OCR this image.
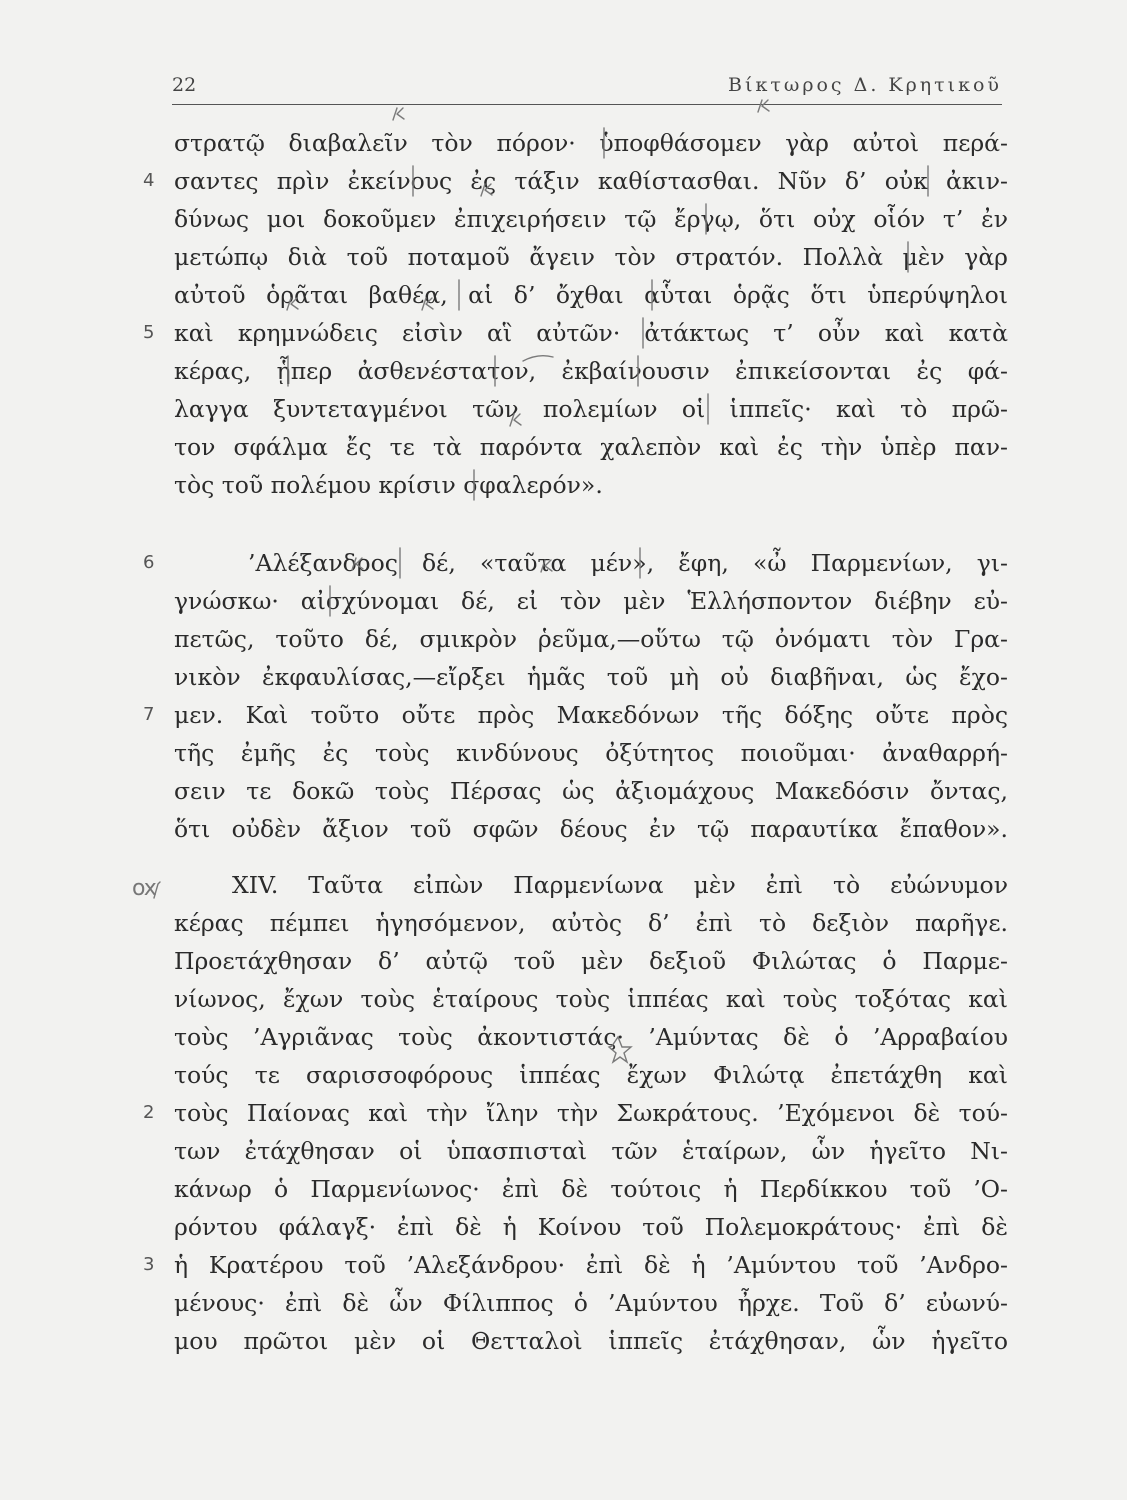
22	Βίκτωρος Δ. Κρητικοῦ
στρατῷ διαβαλεῖν τὸν πόρον· ὑποφθάσομεν γὰρ αὐτοὶ περά-
σαντες πρὶν ἐκείνους ἐς τάξιν καθίστασθαι. Νῦν δ’ οὐκ ἀκιν-
δύνως μοι δοκοῦμεν ἐπιχειρήσειν τῷ ἔργῳ, ὅτι οὐχ οἷόν τ’ ἐν
μετώπῳ διὰ τοῦ ποταμοῦ ἄγειν τὸν στρατόν. Πολλὰ μὲν γὰρ
αὐτοῦ ὁρᾶται βαθέα, αἱ δ’ ὄχθαι αὗται ὁρᾷς ὅτι ὑπερύψηλοι
καὶ κρημνώδεις εἰσὶν αἳ αὐτῶν· ἀτάκτως τ’ οὖν καὶ κατὰ
κέρας, ᾗπερ ἀσθενέστατον, ἐκβαίνουσιν ἐπικείσονται ἐς φά-
λαγγα ξυντεταγμένοι τῶν πολεμίων οἱ ἱππεῖς· καὶ τὸ πρῶ-
τον σφάλμα ἔς τε τὰ παρόντα χαλεπὸν καὶ ἐς τὴν ὑπὲρ παν-
τὸς τοῦ πολέμου κρίσιν σφαλερόν».
’Αλέξανδρος δέ, «ταῦτα μέν», ἔφη, «ὦ Παρμενίων, γι-
γνώσκω· αἰσχύνομαι δέ, εἰ τὸν μὲν Ἑλλήσποντον διέβην εὐ-
πετῶς, τοῦτο δέ, σμικρὸν ῥεῦμα,—οὕτω τῷ ὀνόματι τὸν Γρα-
νικὸν ἐκφαυλίσας,—εἴρξει ἡμᾶς τοῦ μὴ οὐ διαβῆναι, ὡς ἔχο-
μεν. Καὶ τοῦτο οὔτε πρὸς Μακεδόνων τῆς δόξης οὔτε πρὸς
τῆς ἐμῆς ἐς τοὺς κινδύνους ὀξύτητος ποιοῦμαι· ἀναθαρρή-
σειν τε δοκῶ τοὺς Πέρσας ὡς ἀξιομάχους Μακεδόσιν ὄντας,
ὅτι οὐδὲν ἄξιον τοῦ σφῶν δέους ἐν τῷ παραυτίκα ἔπαθον».
XIV. Ταῦτα εἰπὼν Παρμενίωνα μὲν ἐπὶ τὸ εὐώνυμον
κέρας πέμπει ἡγησόμενον, αὐτὸς δ’ ἐπὶ τὸ δεξιὸν παρῆγε.
Προετάχθησαν δ’ αὐτῷ τοῦ μὲν δεξιοῦ Φιλώτας ὁ Παρμε-
νίωνος, ἔχων τοὺς ἑταίρους τοὺς ἱππέας καὶ τοὺς τοξότας καὶ
τοὺς ’Αγριᾶνας τοὺς ἀκοντιστάς· ’Αμύντας δὲ ὁ ’Αρραβαίου
τούς τε σαρισσοφόρους ἱππέας ἔχων Φιλώτᾳ ἐπετάχθη καὶ
τοὺς Παίονας καὶ τὴν ἴλην τὴν Σωκράτους. ’Εχόμενοι δὲ τού-
των ἐτάχθησαν οἱ ὑπασπισταὶ τῶν ἑταίρων, ὧν ἡγεῖτο Νι-
κάνωρ ὁ Παρμενίωνος· ἐπὶ δὲ τούτοις ἡ Περδίκκου τοῦ ’Ο-
ρόντου φάλαγξ· ἐπὶ δὲ ἡ Κοίνου τοῦ Πολεμοκράτους· ἐπὶ δὲ
ἡ Κρατέρου τοῦ ’Αλεξάνδρου· ἐπὶ δὲ ἡ ’Αμύντου τοῦ ’Ανδρο-
μένους· ἐπὶ δὲ ὧν Φίλιππος ὁ ’Αμύντου ἦρχε. Τοῦ δ’ εὐωνύ-
μου πρῶτοι μὲν οἱ Θετταλοὶ ἱππεῖς ἐτάχθησαν, ὧν ἡγεῖτο
4
5
6
7
2
3
ox
